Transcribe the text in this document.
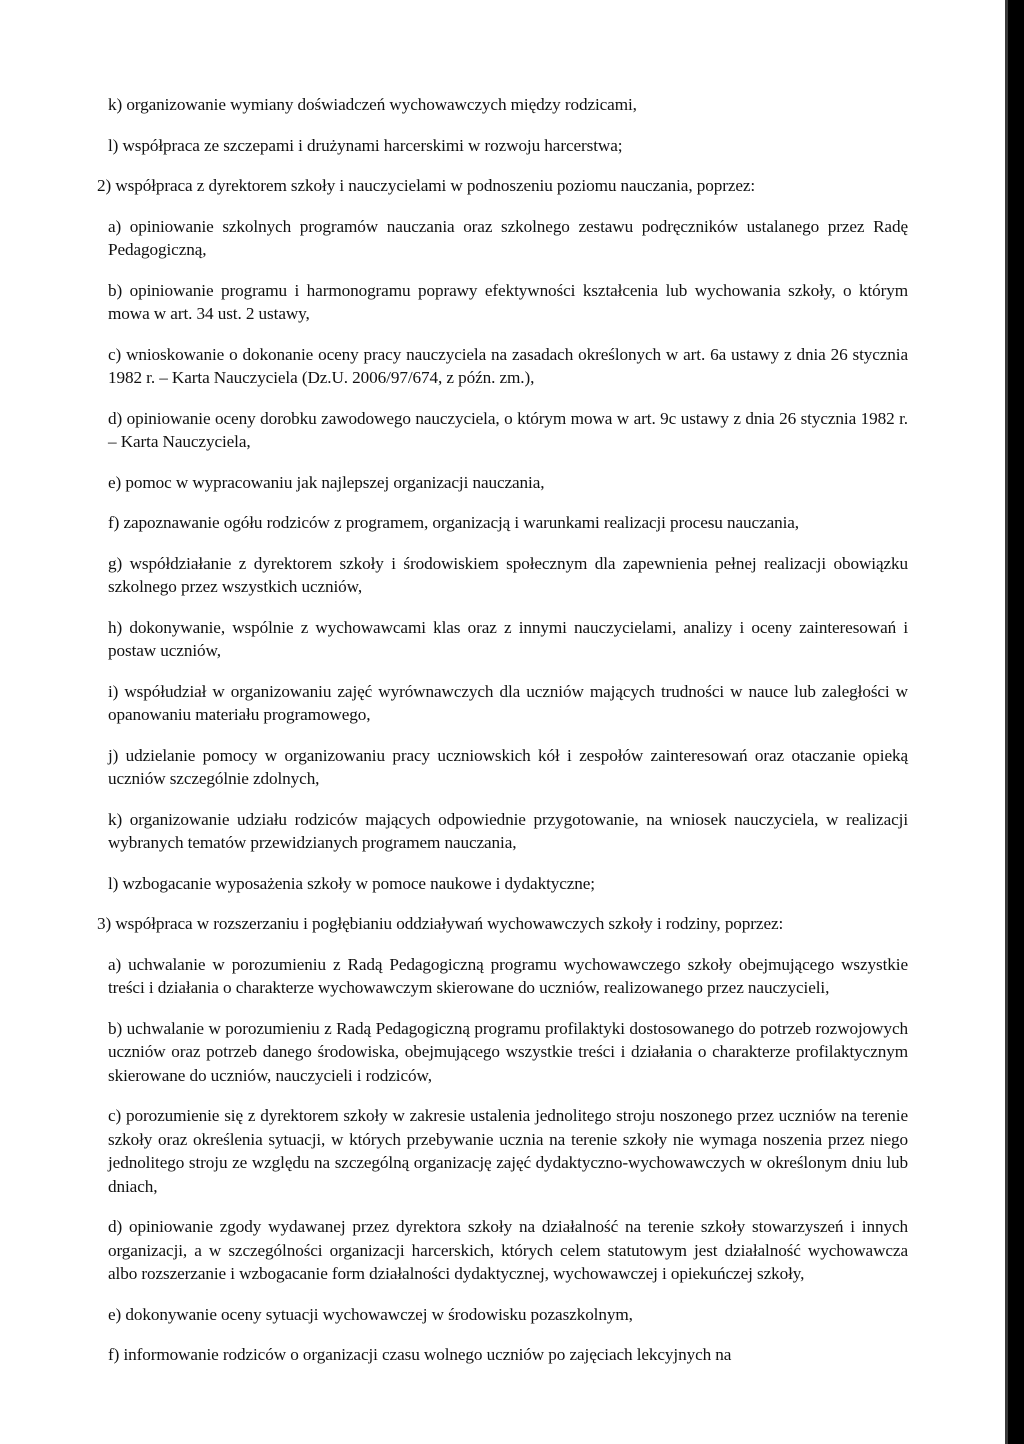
k) organizowanie wymiany doświadczeń wychowawczych między rodzicami,

l) współpraca ze szczepami i drużynami harcerskimi w rozwoju harcerstwa;

2) współpraca z dyrektorem szkoły i nauczycielami w podnoszeniu poziomu nauczania, poprzez:

a) opiniowanie szkolnych programów nauczania oraz szkolnego zestawu podręczników ustalanego przez Radę Pedagogiczną,

b) opiniowanie programu i harmonogramu poprawy efektywności kształcenia lub wychowania szkoły, o którym mowa w art. 34 ust. 2 ustawy,

c) wnioskowanie o dokonanie oceny pracy nauczyciela na zasadach określonych w art. 6a ustawy z dnia 26 stycznia 1982 r. – Karta Nauczyciela (Dz.U. 2006/97/674, z późn. zm.),

d) opiniowanie oceny dorobku zawodowego nauczyciela, o którym mowa w art. 9c ustawy z dnia 26 stycznia 1982 r. – Karta Nauczyciela,

e) pomoc w wypracowaniu jak najlepszej organizacji nauczania,

f) zapoznawanie ogółu rodziców z programem, organizacją i warunkami realizacji procesu nauczania,

g) współdziałanie z dyrektorem szkoły i środowiskiem społecznym dla zapewnienia pełnej realizacji obowiązku szkolnego przez wszystkich uczniów,

h) dokonywanie, wspólnie z wychowawcami klas oraz z innymi nauczycielami, analizy i oceny zainteresowań i postaw uczniów,

i) współudział w organizowaniu zajęć wyrównawczych dla uczniów mających trudności w nauce lub zaległości w opanowaniu materiału programowego,

j) udzielanie pomocy w organizowaniu pracy uczniowskich kół i zespołów zainteresowań oraz otaczanie opieką uczniów szczególnie zdolnych,

k) organizowanie udziału rodziców mających odpowiednie przygotowanie, na wniosek nauczyciela, w realizacji wybranych tematów przewidzianych programem nauczania,

l) wzbogacanie wyposażenia szkoły w pomoce naukowe i dydaktyczne;

3) współpraca w rozszerzaniu i pogłębianiu oddziaływań wychowawczych szkoły i rodziny, poprzez:

a) uchwalanie w porozumieniu z Radą Pedagogiczną programu wychowawczego szkoły obejmującego wszystkie treści i działania o charakterze wychowawczym skierowane do uczniów, realizowanego przez nauczycieli,

b) uchwalanie w porozumieniu z Radą Pedagogiczną programu profilaktyki dostosowanego do potrzeb rozwojowych uczniów oraz potrzeb danego środowiska, obejmującego wszystkie treści i działania o charakterze profilaktycznym skierowane do uczniów, nauczycieli i rodziców,

c) porozumienie się z dyrektorem szkoły w zakresie ustalenia jednolitego stroju noszonego przez uczniów na terenie szkoły oraz określenia sytuacji, w których przebywanie ucznia na terenie szkoły nie wymaga noszenia przez niego jednolitego stroju ze względu na szczególną organizację zajęć dydaktyczno-wychowawczych w określonym dniu lub dniach,

d) opiniowanie zgody wydawanej przez dyrektora szkoły na działalność na terenie szkoły stowarzyszeń i innych organizacji, a w szczególności organizacji harcerskich, których celem statutowym jest działalność wychowawcza albo rozszerzanie i wzbogacanie form działalności dydaktycznej, wychowawczej i opiekuńczej szkoły,

e) dokonywanie oceny sytuacji wychowawczej w środowisku pozaszkolnym,

f) informowanie rodziców o organizacji czasu wolnego uczniów po zajęciach lekcyjnych na
